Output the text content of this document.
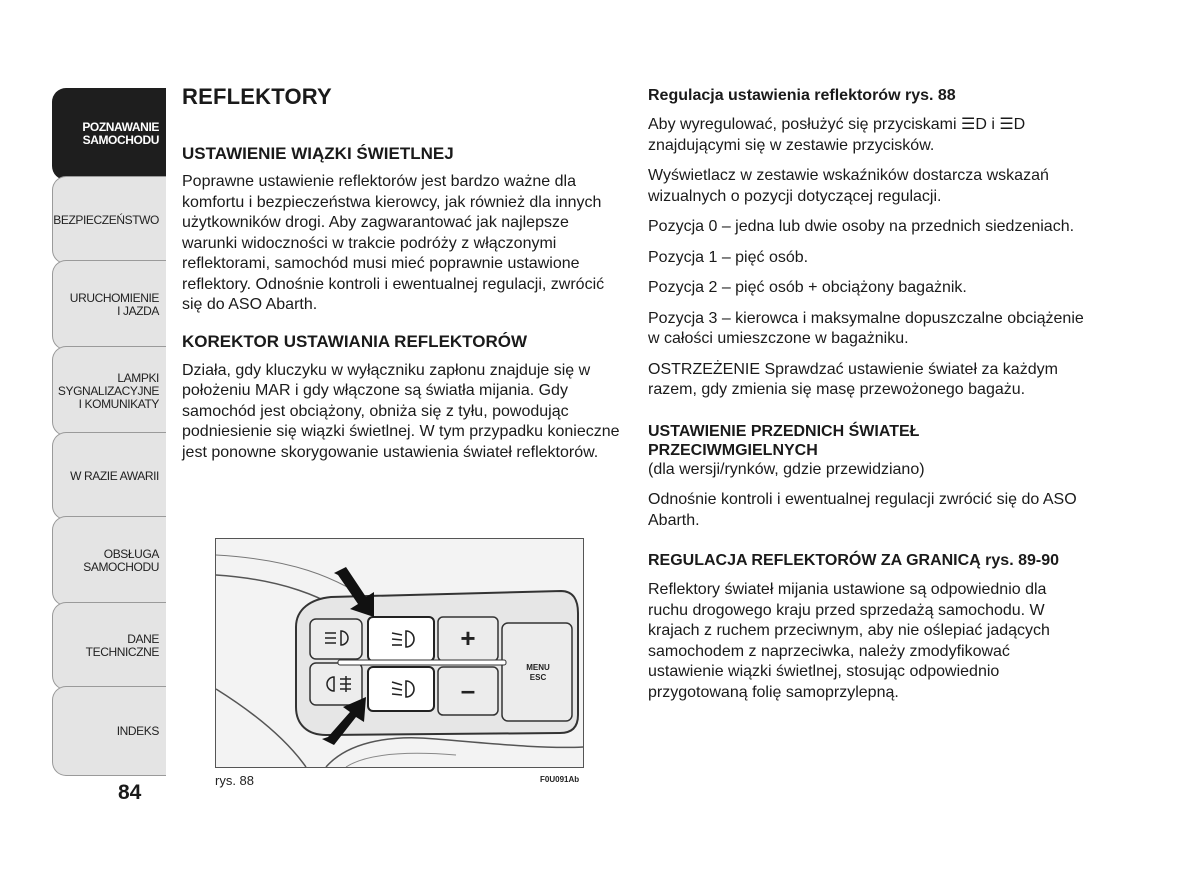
POZNAWANIE
SAMOCHODU
BEZPIECZEŃSTWO
URUCHOMIENIE
I JAZDA
LAMPKI
SYGNALIZACYJNE
I KOMUNIKATY
W RAZIE AWARII
OBSŁUGA
SAMOCHODU
DANE
TECHNICZNE
INDEKS
84
REFLEKTORY
USTAWIENIE WIĄZKI ŚWIETLNEJ

Poprawne ustawienie reflektorów jest bardzo ważne dla komfortu i bezpieczeństwa kierowcy, jak również dla innych użytkowników drogi. Aby zagwarantować jak najlepsze warunki widoczności w trakcie podróży z włączonymi reflektorami, samochód musi mieć poprawnie ustawione reflektory. Odnośnie kontroli i ewentualnej regulacji, zwrócić się do ASO Abarth.

KOREKTOR USTAWIANIA REFLEKTORÓW

Działa, gdy kluczyku w wyłączniku zapłonu znajduje się w położeniu MAR i gdy włączone są światła mijania. Gdy samochód jest obciążony, obniża się z tyłu, powodując podniesienie się wiązki świetlnej. W tym przypadku konieczne jest ponowne skorygowanie ustawienia świateł reflektorów.

+
–
MENU
ESC
rys. 88	F0U091Ab
Regulacja ustawienia reflektorów rys. 88

Aby wyregulować, posłużyć się przyciskami ☰D i ☰D znajdującymi się w zestawie przycisków.

Wyświetlacz w zestawie wskaźników dostarcza wskazań wizualnych o pozycji dotyczącej regulacji.

Pozycja 0 – jedna lub dwie osoby na przednich siedzeniach.

Pozycja 1 – pięć osób.

Pozycja 2 – pięć osób + obciążony bagażnik.

Pozycja 3 – kierowca i maksymalne dopuszczalne obciążenie w całości umieszczone w bagażniku.

OSTRZEŻENIE Sprawdzać ustawienie świateł za każdym razem, gdy zmienia się masę przewożonego bagażu.

USTAWIENIE PRZEDNICH ŚWIATEŁ PRZECIWMGIELNYCH

(dla wersji/rynków, gdzie przewidziano)

Odnośnie kontroli i ewentualnej regulacji zwrócić się do ASO Abarth.

REGULACJA REFLEKTORÓW ZA GRANICĄ rys. 89-90

Reflektory świateł mijania ustawione są odpowiednio dla ruchu drogowego kraju przed sprzedażą samochodu. W krajach z ruchem przeciwnym, aby nie oślepiać jadących samochodem z naprzeciwka, należy zmodyfikować ustawienie wiązki świetlnej, stosując odpowiednio przygotowaną folię samoprzylepną.
